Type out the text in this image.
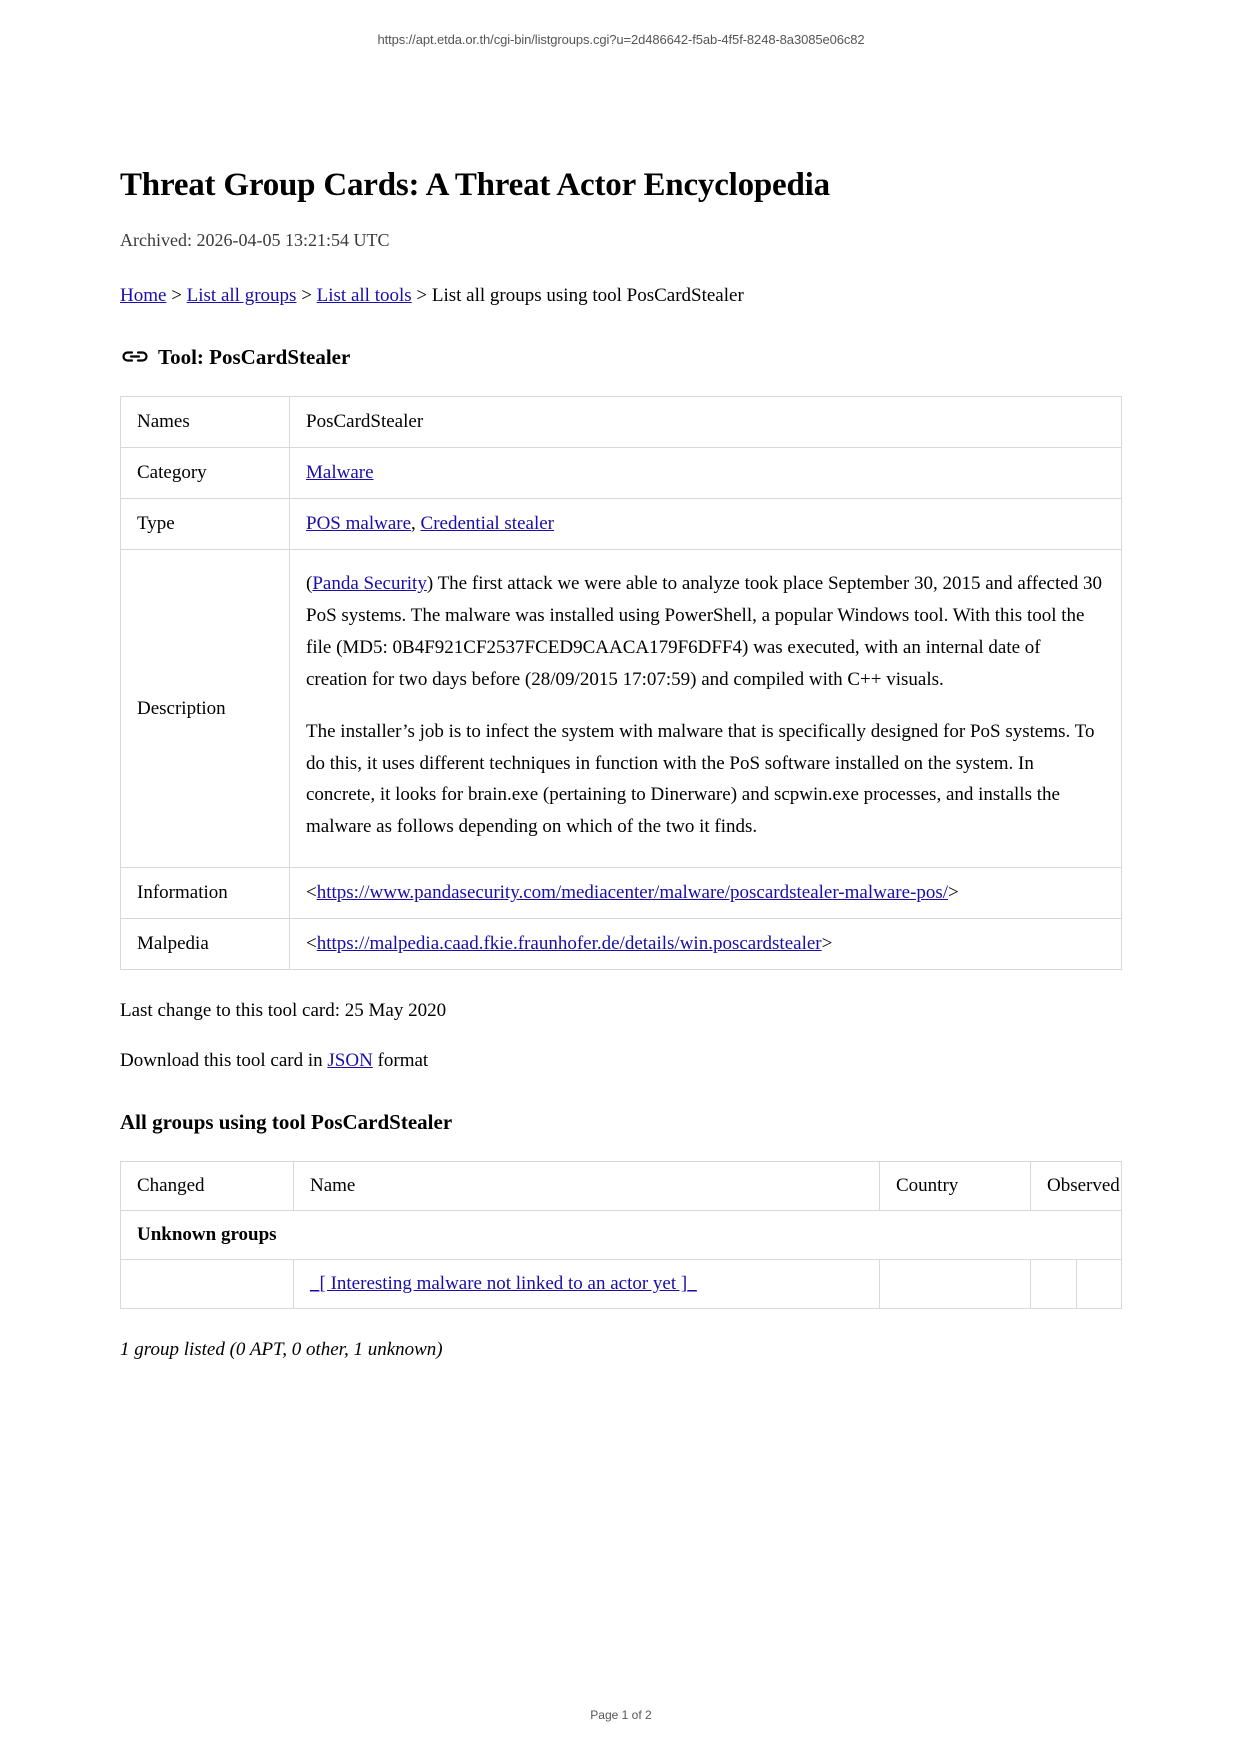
https://apt.etda.or.th/cgi-bin/listgroups.cgi?u=2d486642-f5ab-4f5f-8248-8a3085e06c82
Threat Group Cards: A Threat Actor Encyclopedia
Archived: 2026-04-05 13:21:54 UTC
Home > List all groups > List all tools > List all groups using tool PosCardStealer
Tool: PosCardStealer
Names	PosCardStealer
Category	Malware
Type	POS malware, Credential stealer
Description	(Panda Security) The first attack we were able to analyze took place September 30, 2015 and affected 30 PoS systems. The malware was installed using PowerShell, a popular Windows tool. With this tool the file (MD5: 0B4F921CF2537FCED9CAACA179F6DFF4) was executed, with an internal date of creation for two days before (28/09/2015 17:07:59) and compiled with C++ visuals.

The installer’s job is to infect the system with malware that is specifically designed for PoS systems. To do this, it uses different techniques in function with the PoS software installed on the system. In concrete, it looks for brain.exe (pertaining to Dinerware) and scpwin.exe processes, and installs the malware as follows depending on which of the two it finds.

Information	<https://www.pandasecurity.com/mediacenter/malware/poscardstealer-malware-pos/>
Malpedia	<https://malpedia.caad.fkie.fraunhofer.de/details/win.poscardstealer>
Last change to this tool card: 25 May 2020
Download this tool card in JSON format
All groups using tool PosCardStealer
Changed	Name	Country	Observed	
Unknown groups				
	_[ Interesting malware not linked to an actor yet ]_			
1 group listed (0 APT, 0 other, 1 unknown)
Page 1 of 2
